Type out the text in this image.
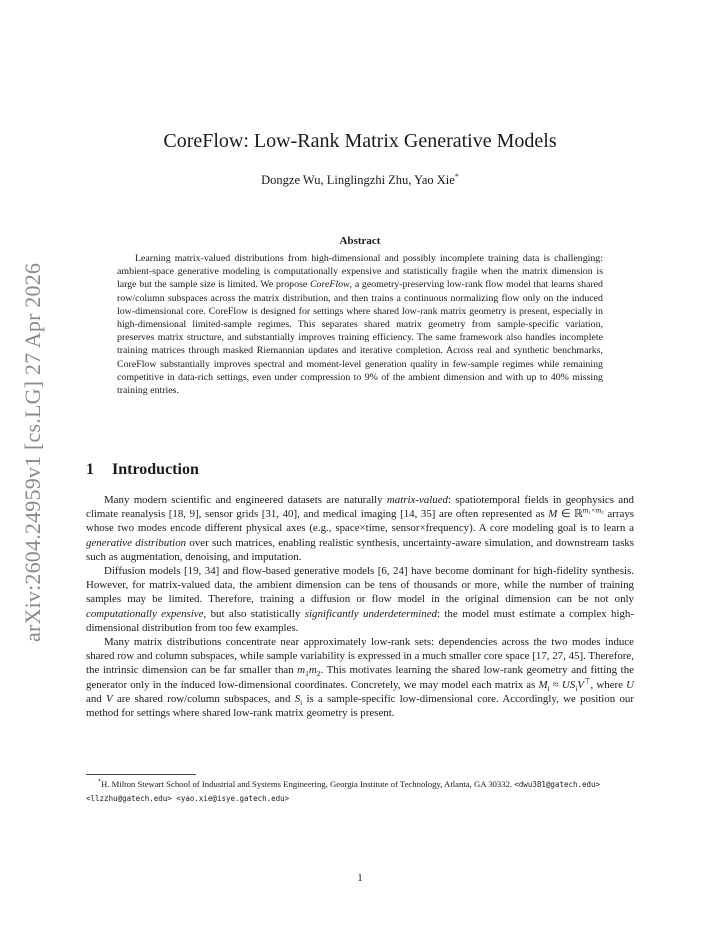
arXiv:2604.24959v1 [cs.LG] 27 Apr 2026
CoreFlow: Low-Rank Matrix Generative Models
Dongze Wu, Linglingzhi Zhu, Yao Xie*
Abstract

Learning matrix-valued distributions from high-dimensional and possibly incomplete training data is challenging: ambient-space generative modeling is computationally expensive and statistically fragile when the matrix dimension is large but the sample size is limited. We propose CoreFlow, a geometry-preserving low-rank flow model that learns shared row/column subspaces across the matrix distribution, and then trains a continuous normalizing flow only on the induced low-dimensional core. CoreFlow is designed for settings where shared low-rank matrix geometry is present, especially in high-dimensional limited-sample regimes. This separates shared matrix geometry from sample-specific variation, preserves matrix structure, and substantially improves training efficiency. The same framework also handles incomplete training matrices through masked Riemannian updates and iterative completion. Across real and synthetic benchmarks, CoreFlow substantially improves spectral and moment-level generation quality in few-sample regimes while remaining competitive in data-rich settings, even under compression to 9% of the ambient dimension and with up to 40% missing training entries.

1 Introduction

Many modern scientific and engineered datasets are naturally matrix-valued: spatiotemporal fields in geophysics and climate reanalysis [18, 9], sensor grids [31, 40], and medical imaging [14, 35] are often represented as M ∈ ℝ$^{m_1\times m_2}$ arrays whose two modes encode different physical axes (e.g., space×time, sensor×frequency). A core modeling goal is to learn a generative distribution over such matrices, enabling realistic synthesis, uncertainty-aware simulation, and downstream tasks such as augmentation, denoising, and imputation.

Diffusion models [19, 34] and flow-based generative models [6, 24] have become dominant for high-fidelity synthesis. However, for matrix-valued data, the ambient dimension can be tens of thousands or more, while the number of training samples may be limited. Therefore, training a diffusion or flow model in the original dimension can be not only computationally expensive, but also statistically significantly underdetermined: the model must estimate a complex high-dimensional distribution from too few examples.

Many matrix distributions concentrate near approximately low-rank sets: dependencies across the two modes induce shared row and column subspaces, while sample variability is expressed in a much smaller core space [17, 27, 45]. Therefore, the intrinsic dimension can be far smaller than $m_1m_2$. This motivates learning the shared low-rank geometry and fitting the generator only in the induced low-dimensional coordinates. Concretely, we may model each matrix as $M_i \approx US_iV^⊤$, where U and V are shared row/column subspaces, and $S_i$ is a sample-specific low-dimensional core. Accordingly, we position our method for settings where shared low-rank matrix geometry is present.

*H. Milton Stewart School of Industrial and Systems Engineering, Georgia Institute of Technology, Atlanta, GA 30332. <dwu381@gatech.edu> <llzzhu@gatech.edu> <yao.xie@isye.gatech.edu>

1
